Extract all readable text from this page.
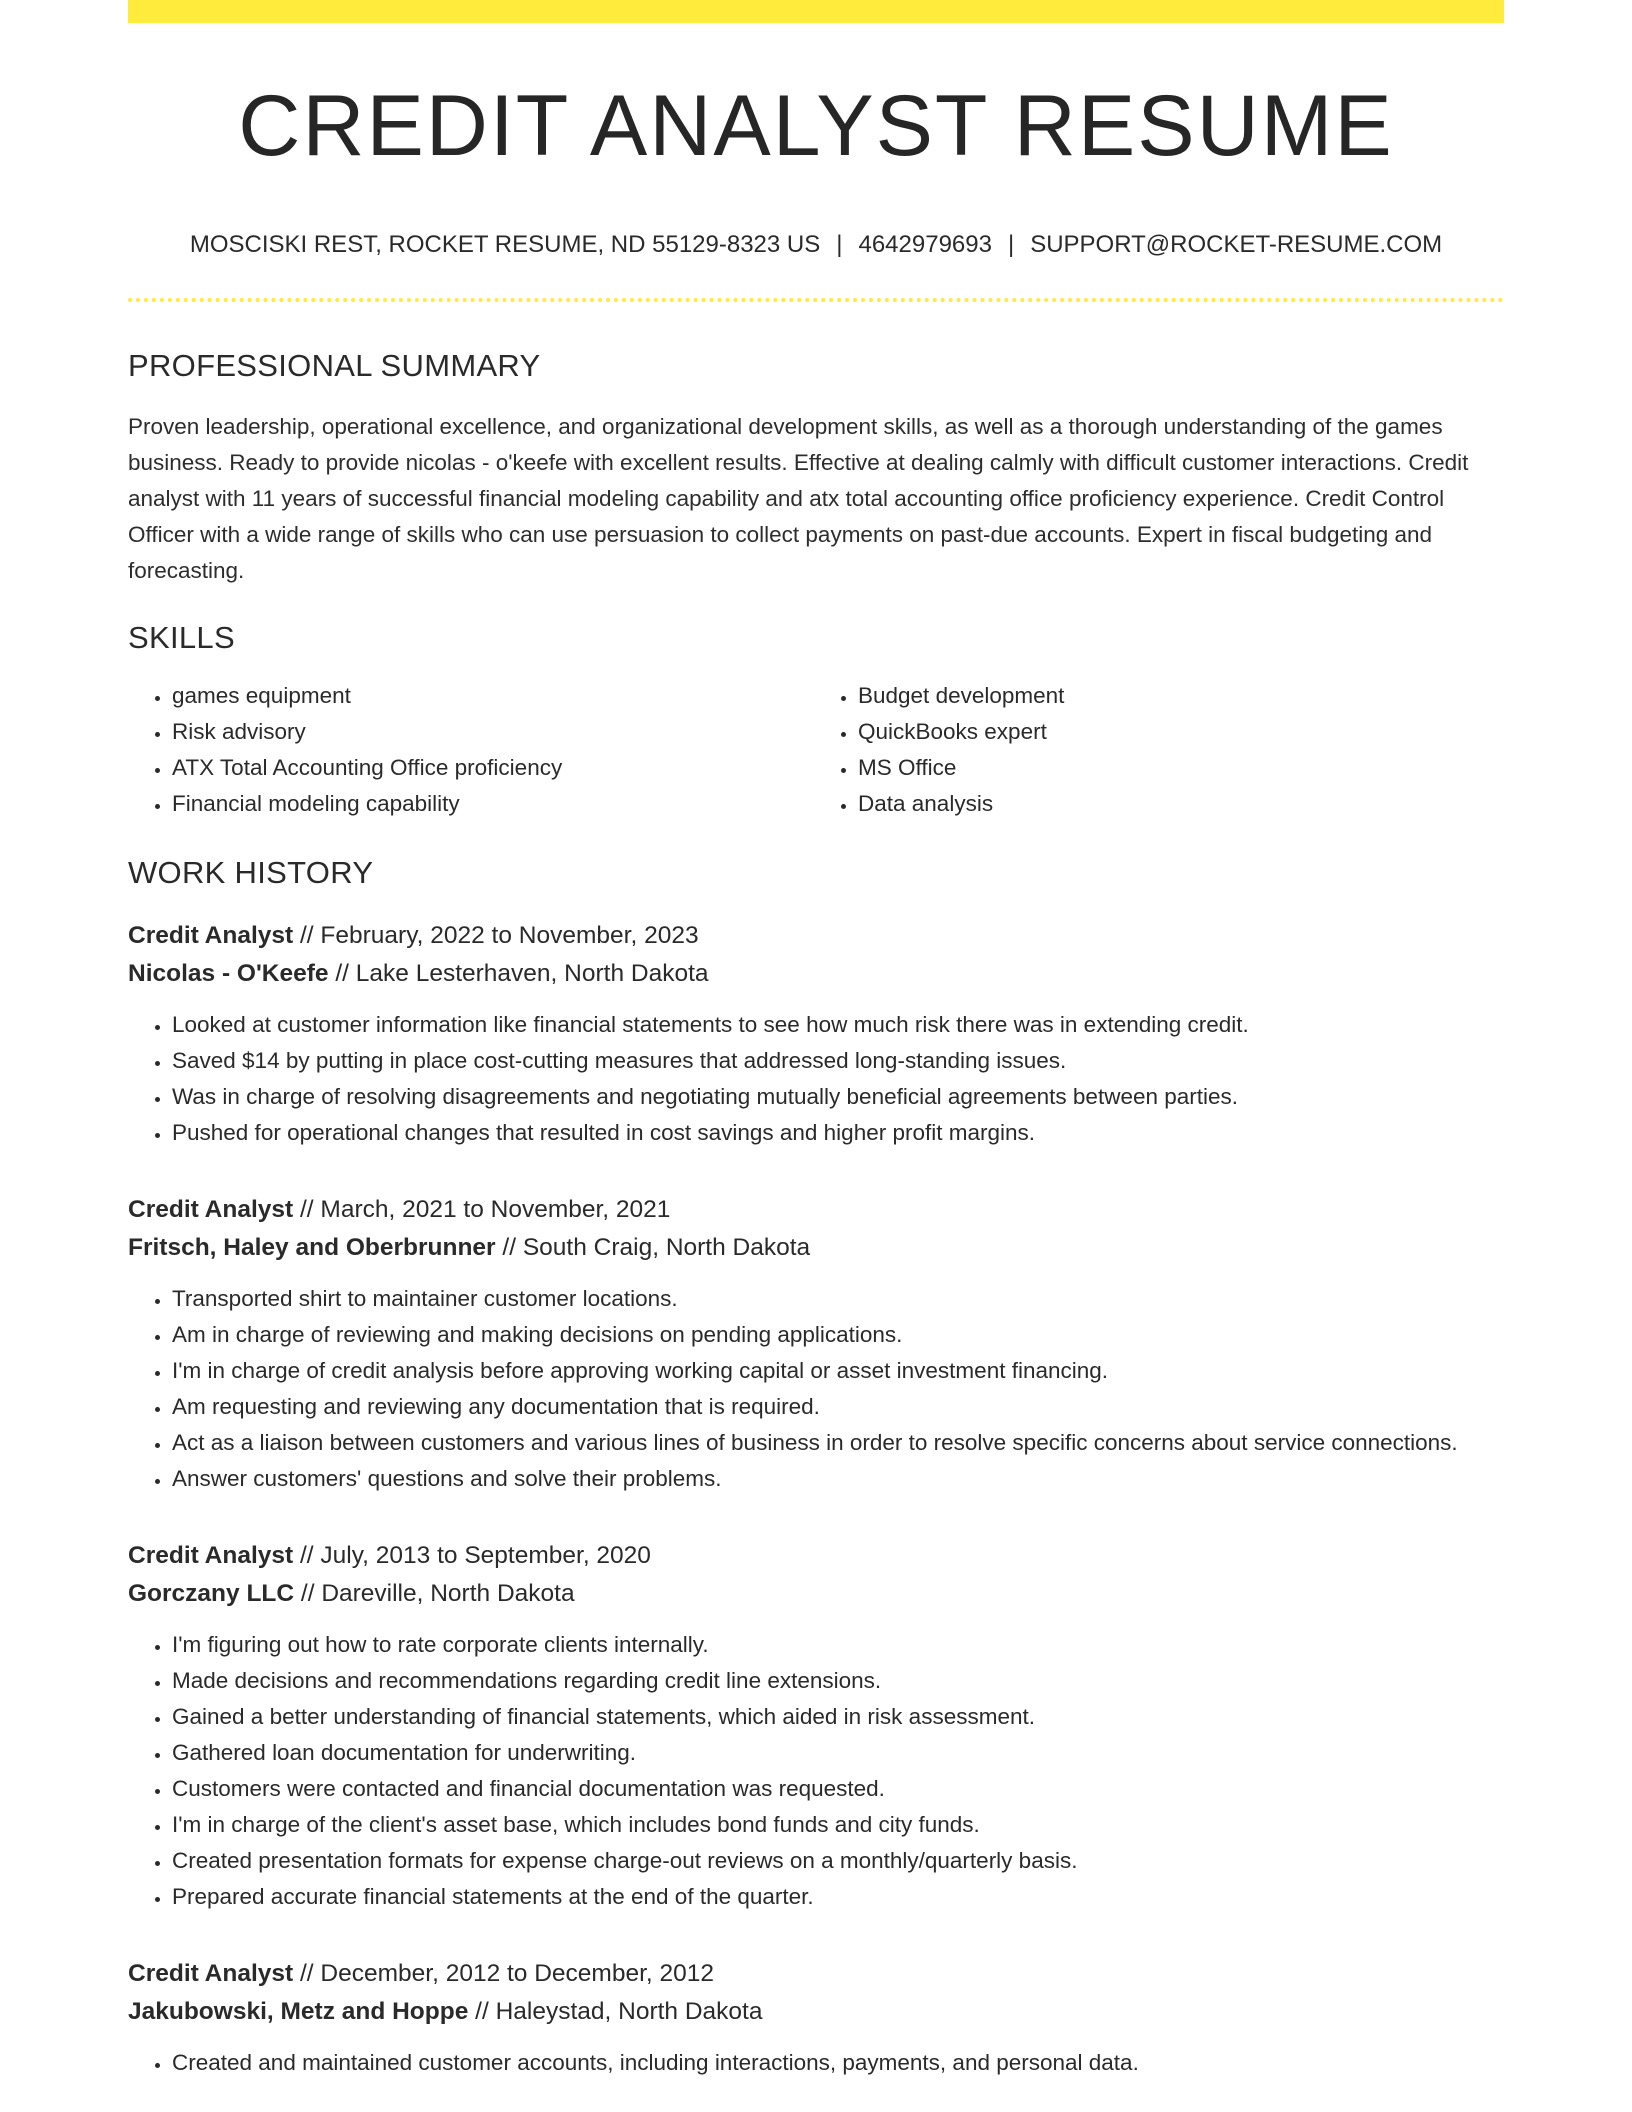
CREDIT ANALYST RESUME
MOSCISKI REST, ROCKET RESUME, ND 55129-8323 US | 4642979693 | SUPPORT@ROCKET-RESUME.COM
PROFESSIONAL SUMMARY

Proven leadership, operational excellence, and organizational development skills, as well as a thorough understanding of the games business. Ready to provide nicolas - o'keefe with excellent results. Effective at dealing calmly with difficult customer interactions. Credit analyst with 11 years of successful financial modeling capability and atx total accounting office proficiency experience. Credit Control Officer with a wide range of skills who can use persuasion to collect payments on past-due accounts. Expert in fiscal budgeting and forecasting.

SKILLS
• games equipment
• Risk advisory
• ATX Total Accounting Office proficiency
• Financial modeling capability
• Budget development
• QuickBooks expert
• MS Office
• Data analysis
WORK HISTORY
Credit Analyst // February, 2022 to November, 2023
Nicolas - O'Keefe // Lake Lesterhaven, North Dakota
• Looked at customer information like financial statements to see how much risk there was in extending credit.
• Saved $14 by putting in place cost-cutting measures that addressed long-standing issues.
• Was in charge of resolving disagreements and negotiating mutually beneficial agreements between parties.
• Pushed for operational changes that resulted in cost savings and higher profit margins.
Credit Analyst // March, 2021 to November, 2021
Fritsch, Haley and Oberbrunner // South Craig, North Dakota
• Transported shirt to maintainer customer locations.
• Am in charge of reviewing and making decisions on pending applications.
• I'm in charge of credit analysis before approving working capital or asset investment financing.
• Am requesting and reviewing any documentation that is required.
• Act as a liaison between customers and various lines of business in order to resolve specific concerns about service connections.
• Answer customers' questions and solve their problems.
Credit Analyst // July, 2013 to September, 2020
Gorczany LLC // Dareville, North Dakota
• I'm figuring out how to rate corporate clients internally.
• Made decisions and recommendations regarding credit line extensions.
• Gained a better understanding of financial statements, which aided in risk assessment.
• Gathered loan documentation for underwriting.
• Customers were contacted and financial documentation was requested.
• I'm in charge of the client's asset base, which includes bond funds and city funds.
• Created presentation formats for expense charge-out reviews on a monthly/quarterly basis.
• Prepared accurate financial statements at the end of the quarter.
Credit Analyst // December, 2012 to December, 2012
Jakubowski, Metz and Hoppe // Haleystad, North Dakota
• Created and maintained customer accounts, including interactions, payments, and personal data.
